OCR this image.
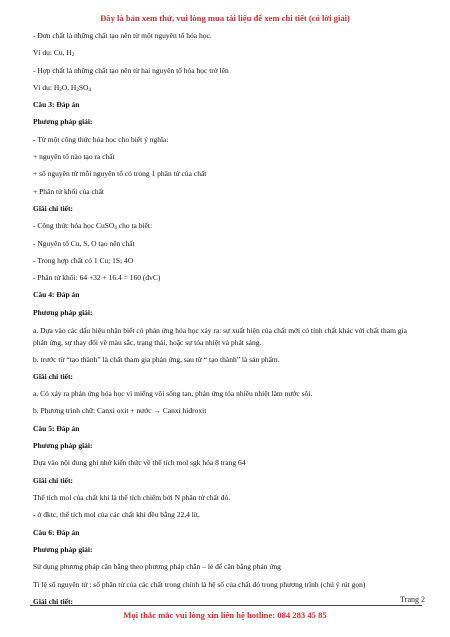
Đây là bản xem thử, vui lòng mua tài liệu để xem chi tiết (có lời giải)
- Đơn chất là những chất tạo nên từ một nguyên tố hóa học.
Ví dụ: Cu, $H_2$
- Hợp chất là những chất tạo nên từ hai nguyên tố hóa học trở lên
Ví dụ: $H_2O$, $H_2SO_4$
Câu 3: Đáp án
Phương pháp giải:
- Từ một công thức hóa học cho biết ý nghĩa:
+ nguyên tố nào tạo ra chất
+ số nguyên tử mỗi nguyên tố có trong 1 phân tử của chất
+ Phân tử khối của chất
Giải chi tiết:
- Công thức hóa học CuSO$_4$ cho ta biết:
- Nguyên tố Cu, S, O tạo nên chất
- Trong hợp chất có 1 Cu; 1S; 4O
- Phân tử khối: 64 +32 + 16.4 = 160 (đvC)
Câu 4: Đáp án
Phương pháp giải:
a. Dựa vào các dấu hiệu nhận biết có phản ứng hóa học xảy ra: sự xuất hiện của chất mới có tính chất khác với chất tham gia phản ứng, sự thay đổi về màu sắc, trạng thái, hoặc sự tỏa nhiệt và phát sáng.
b. trước từ “tạo thành” là chất tham gia phản ứng, sau từ “ tạo thành” là sản phẩm.
Giải chi tiết:
a. Có xảy ra phản ứng hóa học vì miếng vôi sống tan, phản ứng tỏa nhiều nhiệt làm nước sôi.
b. Phương trình chữ: Canxi oxit + nước → Canxi hiđroxit
Câu 5: Đáp án
Phương pháp giải:
Dựa vào nội dung ghi nhớ kiến thức về thể tích mol sgk hóa 8 trang 64
Giải chi tiết:
Thể tích mol của chất khí là thể tích chiếm bởi N phân tử chất đó.
- ở đktc, thể tích mol của các chất khí đều bằng 22,4 lít.
Câu 6: Đáp án
Phương pháp giải:
Sử dụng phương pháp cân bằng theo phương pháp chẵn – lẻ để cân bằng phản ứng
Tỉ lệ số nguyên tử : số phân tử của các chất trong chính là hệ số của chất đó trong phương trình (chú ý rút gọn)
Giải chi tiết:	Trang 2
Mọi thắc mắc vui lòng xin liên hệ hotline: 084 283 45 85
